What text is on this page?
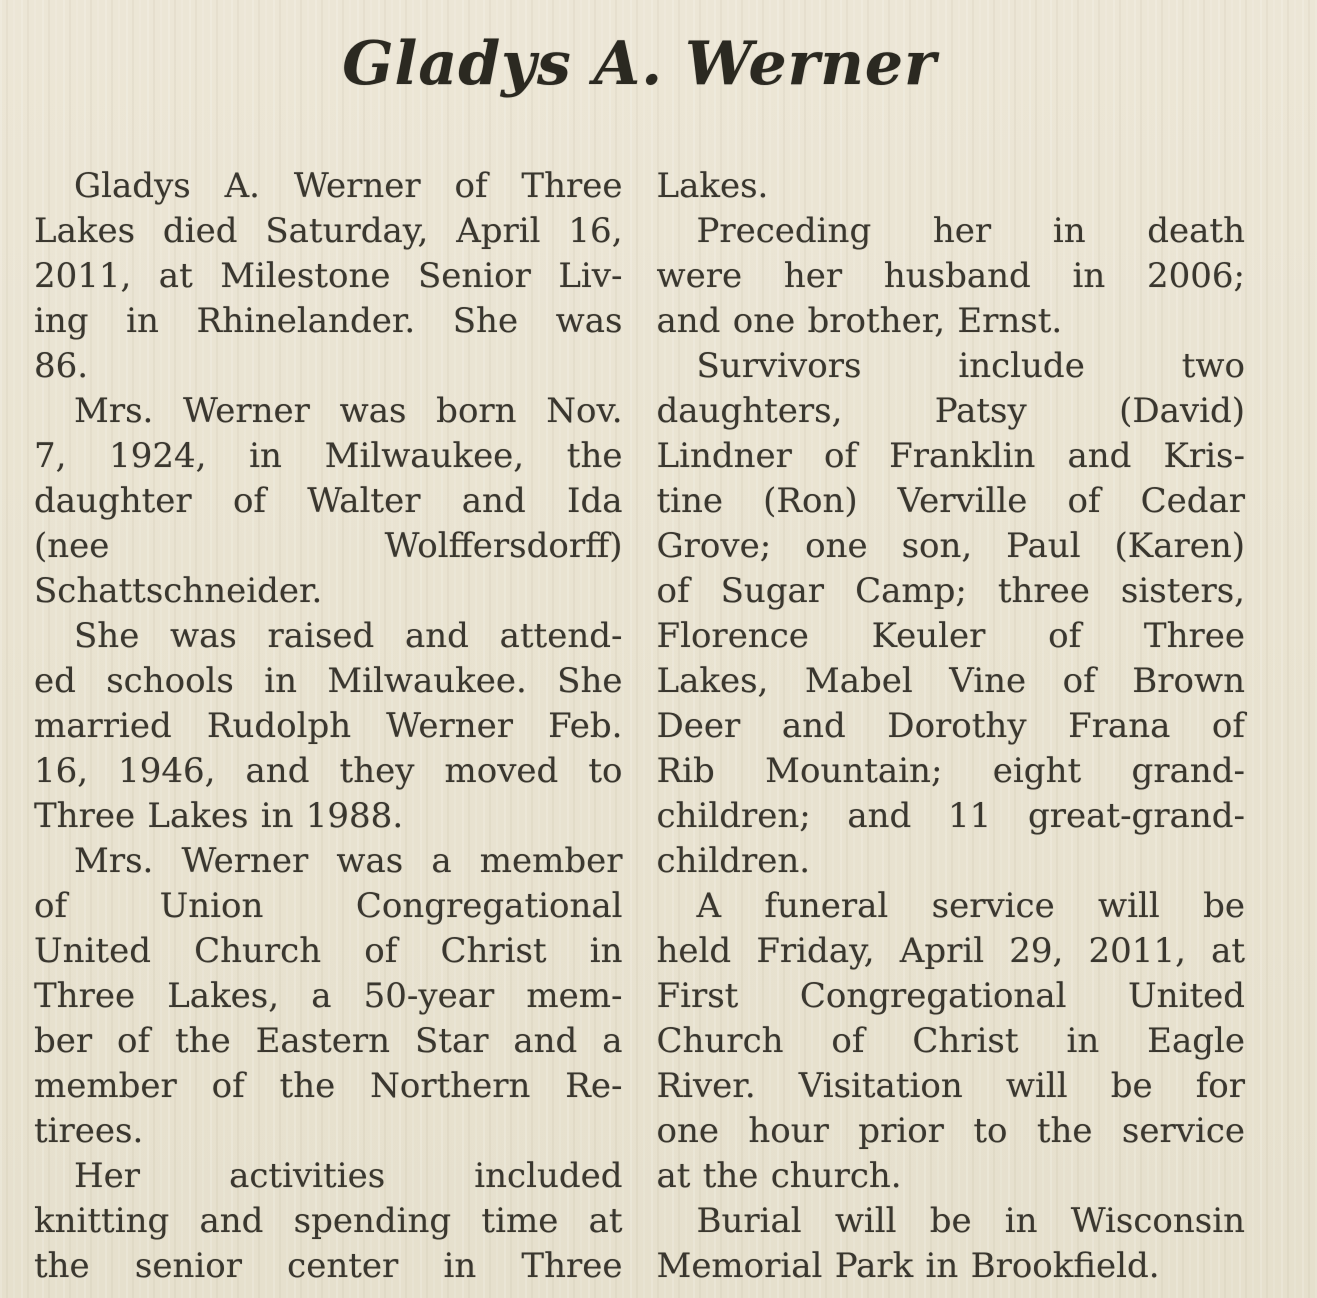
Gladys A. Werner
Gladys A. Werner of Three
Lakes died Saturday, April 16,
2011, at Milestone Senior Liv-
ing in Rhinelander. She was
86.
Mrs. Werner was born Nov.
7, 1924, in Milwaukee, the
daughter of Walter and Ida
(nee Wolffersdorff)
Schattschneider.
She was raised and attend-
ed schools in Milwaukee. She
married Rudolph Werner Feb.
16, 1946, and they moved to
Three Lakes in 1988.
Mrs. Werner was a member
of Union Congregational
United Church of Christ in
Three Lakes, a 50-year mem-
ber of the Eastern Star and a
member of the Northern Re-
tirees.
Her activities included
knitting and spending time at
the senior center in Three
Lakes.
Preceding her in death
were her husband in 2006;
and one brother, Ernst.
Survivors include two
daughters, Patsy (David)
Lindner of Franklin and Kris-
tine (Ron) Verville of Cedar
Grove; one son, Paul (Karen)
of Sugar Camp; three sisters,
Florence Keuler of Three
Lakes, Mabel Vine of Brown
Deer and Dorothy Frana of
Rib Mountain; eight grand-
children; and 11 great-grand-
children.
A funeral service will be
held Friday, April 29, 2011, at
First Congregational United
Church of Christ in Eagle
River. Visitation will be for
one hour prior to the service
at the church.
Burial will be in Wisconsin
Memorial Park in Brookfield.
